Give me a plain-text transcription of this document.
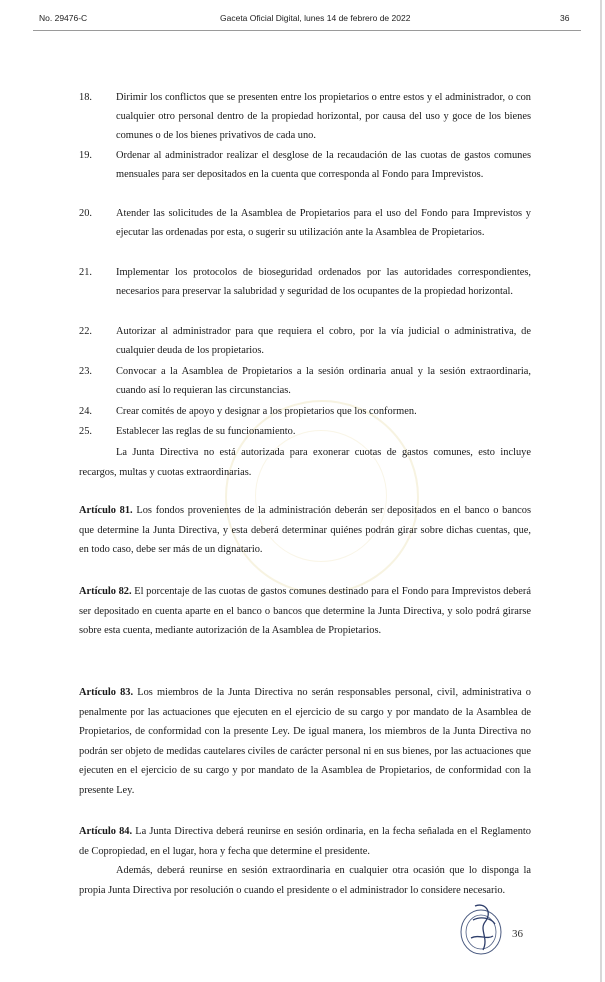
No. 29476-C	Gaceta Oficial Digital, lunes 14 de febrero de 2022	36
18. Dirimir los conflictos que se presenten entre los propietarios o entre estos y el administrador, o con cualquier otro personal dentro de la propiedad horizontal, por causa del uso y goce de los bienes comunes o de los bienes privativos de cada uno.
19. Ordenar al administrador realizar el desglose de la recaudación de las cuotas de gastos comunes mensuales para ser depositados en la cuenta que corresponda al Fondo para Imprevistos.
20. Atender las solicitudes de la Asamblea de Propietarios para el uso del Fondo para Imprevistos y ejecutar las ordenadas por esta, o sugerir su utilización ante la Asamblea de Propietarios.
21. Implementar los protocolos de bioseguridad ordenados por las autoridades correspondientes, necesarios para preservar la salubridad y seguridad de los ocupantes de la propiedad horizontal.
22. Autorizar al administrador para que requiera el cobro, por la vía judicial o administrativa, de cualquier deuda de los propietarios.
23. Convocar a la Asamblea de Propietarios a la sesión ordinaria anual y la sesión extraordinaria, cuando así lo requieran las circunstancias.
24. Crear comités de apoyo y designar a los propietarios que los conformen.
25. Establecer las reglas de su funcionamiento.
La Junta Directiva no está autorizada para exonerar cuotas de gastos comunes, esto incluye recargos, multas y cuotas extraordinarias.
Artículo 81. Los fondos provenientes de la administración deberán ser depositados en el banco o bancos que determine la Junta Directiva, y esta deberá determinar quiénes podrán girar sobre dichas cuentas, que, en todo caso, debe ser más de un dignatario.
Artículo 82. El porcentaje de las cuotas de gastos comunes destinado para el Fondo para Imprevistos deberá ser depositado en cuenta aparte en el banco o bancos que determine la Junta Directiva, y solo podrá girarse sobre esta cuenta, mediante autorización de la Asamblea de Propietarios.
Artículo 83. Los miembros de la Junta Directiva no serán responsables personal, civil, administrativa o penalmente por las actuaciones que ejecuten en el ejercicio de su cargo y por mandato de la Asamblea de Propietarios, de conformidad con la presente Ley. De igual manera, los miembros de la Junta Directiva no podrán ser objeto de medidas cautelares civiles de carácter personal ni en sus bienes, por las actuaciones que ejecuten en el ejercicio de su cargo y por mandato de la Asamblea de Propietarios, de conformidad con la presente Ley.
Artículo 84. La Junta Directiva deberá reunirse en sesión ordinaria, en la fecha señalada en el Reglamento de Copropiedad, en el lugar, hora y fecha que determine el presidente.
Además, deberá reunirse en sesión extraordinaria en cualquier otra ocasión que lo disponga la propia Junta Directiva por resolución o cuando el presidente o el administrador lo considere necesario.
36
